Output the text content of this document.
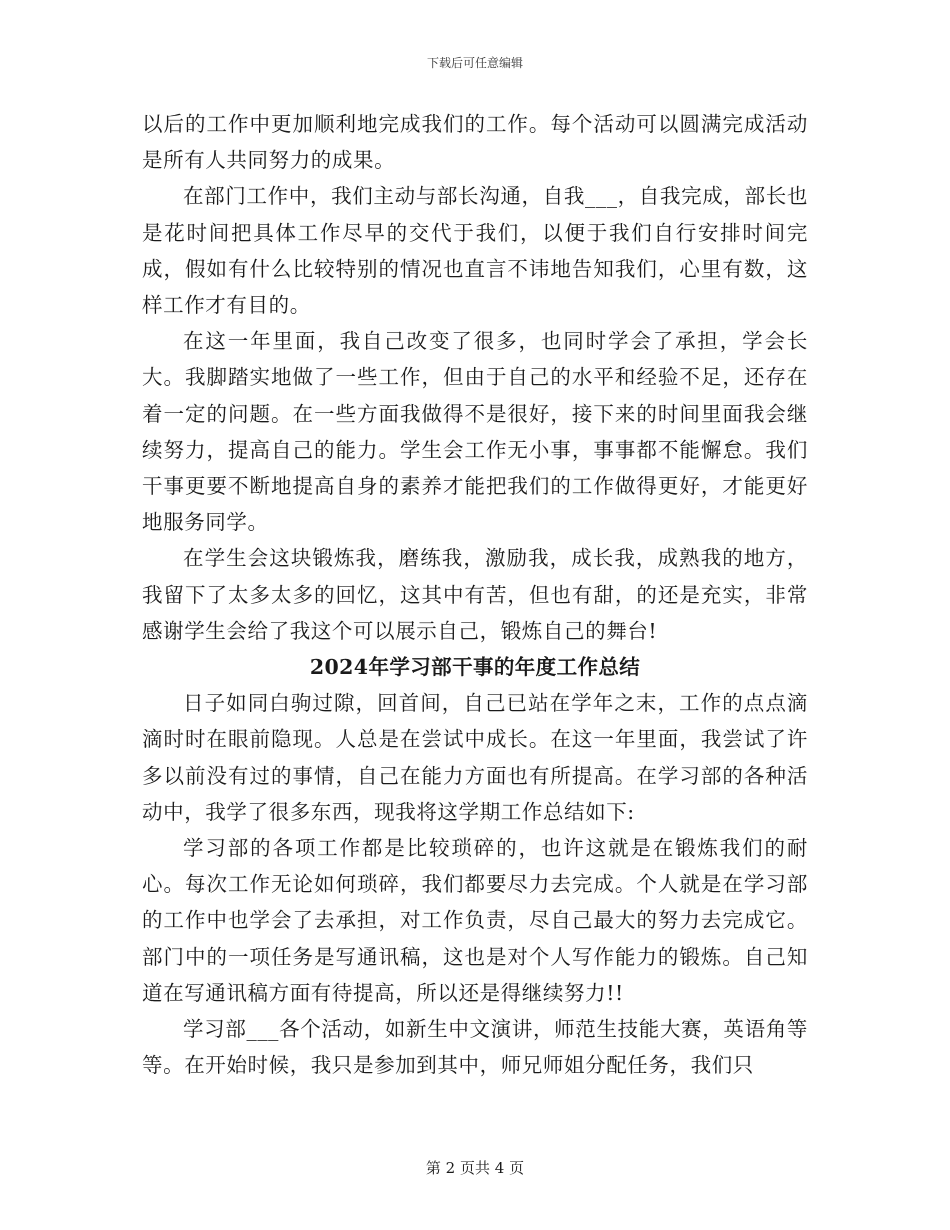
下载后可任意编辑

以后的工作中更加顺利地完成我们的工作。每个活动可以圆满完成活动是所有人共同努力的成果。

在部门工作中，我们主动与部长沟通，自我___，自我完成，部长也是花时间把具体工作尽早的交代于我们，以便于我们自行安排时间完成，假如有什么比较特别的情况也直言不讳地告知我们，心里有数，这样工作才有目的。

在这一年里面，我自己改变了很多，也同时学会了承担，学会长大。我脚踏实地做了一些工作，但由于自己的水平和经验不足，还存在着一定的问题。在一些方面我做得不是很好，接下来的时间里面我会继续努力，提高自己的能力。学生会工作无小事，事事都不能懈怠。我们干事更要不断地提高自身的素养才能把我们的工作做得更好，才能更好地服务同学。

在学生会这块锻炼我，磨练我，激励我，成长我，成熟我的地方，我留下了太多太多的回忆，这其中有苦，但也有甜，的还是充实，非常感谢学生会给了我这个可以展示自己，锻炼自己的舞台!

2024年学习部干事的年度工作总结

日子如同白驹过隙，回首间，自己已站在学年之末，工作的点点滴滴时时在眼前隐现。人总是在尝试中成长。在这一年里面，我尝试了许多以前没有过的事情，自己在能力方面也有所提高。在学习部的各种活动中，我学了很多东西，现我将这学期工作总结如下:

学习部的各项工作都是比较琐碎的，也许这就是在锻炼我们的耐心。每次工作无论如何琐碎，我们都要尽力去完成。个人就是在学习部的工作中也学会了去承担，对工作负责，尽自己最大的努力去完成它。部门中的一项任务是写通讯稿，这也是对个人写作能力的锻炼。自己知道在写通讯稿方面有待提高，所以还是得继续努力!!

学习部___各个活动，如新生中文演讲，师范生技能大赛，英语角等等。在开始时候，我只是参加到其中，师兄师姐分配任务，我们只

第 2 页共 4 页
